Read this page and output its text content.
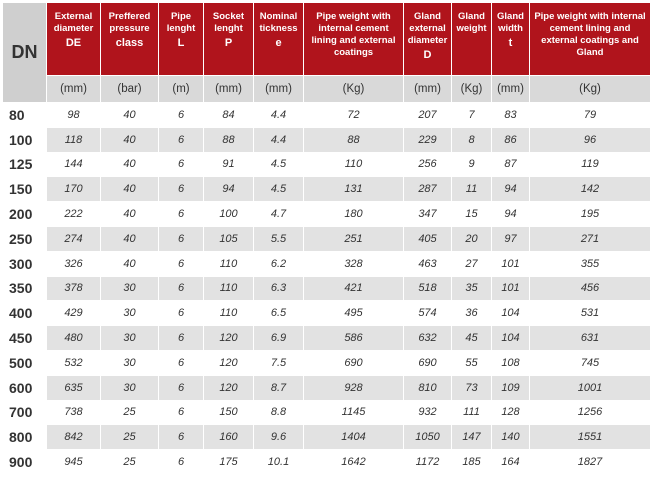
DN	External
diameter
DE	Preffered
pressure
class	Pipe
lenght
L	Socket
lenght
P	Nominal
tickness
e	Pipe weight with
internal cement
lining and external
coatings	Gland
external
diameter
D	Gland
weight	Gland
width
t	Pipe weight with internal
cement lining and
external coatings and
Gland
	(mm)	(bar)	(m)	(mm)	(mm)	(Kg)	(mm)	(Kg)	(mm)	(Kg)
80	98	40	6	84	4.4	72	207	7	83	79
100	118	40	6	88	4.4	88	229	8	86	96
125	144	40	6	91	4.5	110	256	9	87	119
150	170	40	6	94	4.5	131	287	11	94	142
200	222	40	6	100	4.7	180	347	15	94	195
250	274	40	6	105	5.5	251	405	20	97	271
300	326	40	6	110	6.2	328	463	27	101	355
350	378	30	6	110	6.3	421	518	35	101	456
400	429	30	6	110	6.5	495	574	36	104	531
450	480	30	6	120	6.9	586	632	45	104	631
500	532	30	6	120	7.5	690	690	55	108	745
600	635	30	6	120	8.7	928	810	73	109	1001
700	738	25	6	150	8.8	1145	932	111	128	1256
800	842	25	6	160	9.6	1404	1050	147	140	1551
900	945	25	6	175	10.1	1642	1172	185	164	1827
